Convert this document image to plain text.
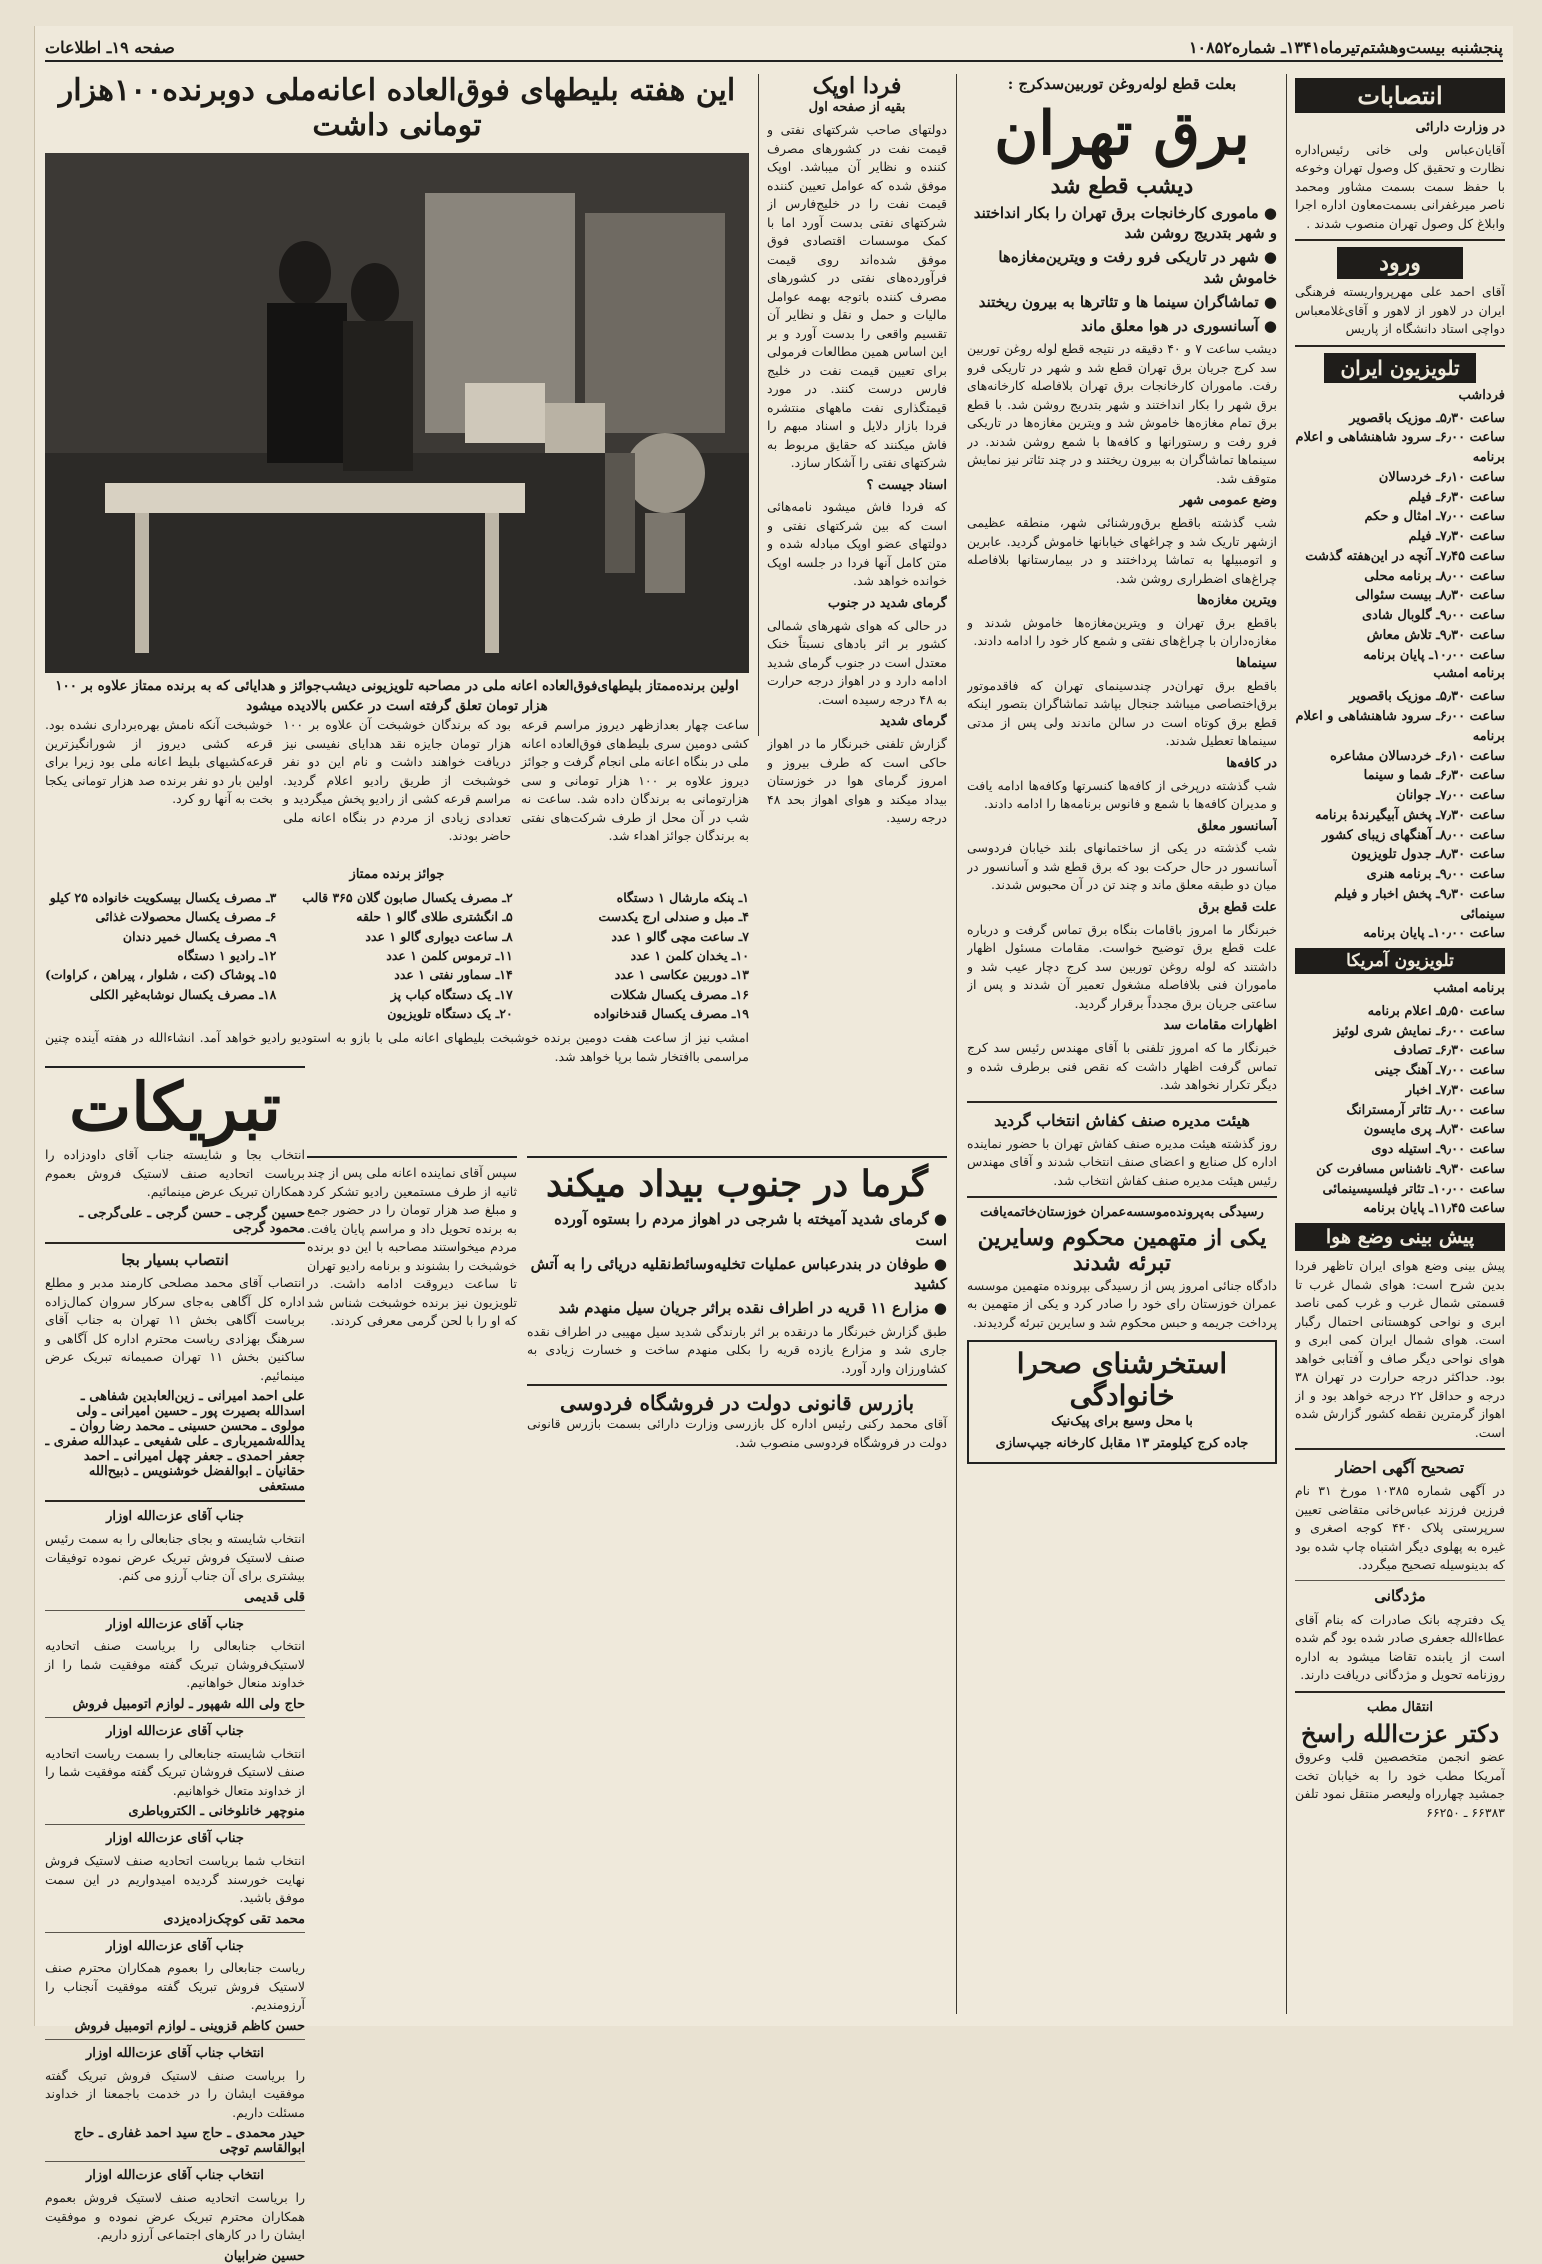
پنجشنبه بیست‌وهشتم‌تیرماه۱۳۴۱ـ شماره۱۰۸۵۲
صفحه ۱۹ـ اطلاعات
انتصابات
در وزارت دارائی

آقایان‌عباس ولی خانی رئیس‌اداره نظارت و تحقیق کل وصول تهران وخوعه با حفظ سمت بسمت مشاور ومحمد ناصر میرغفرانی بسمت‌معاون اداره اجرا وابلاغ کل وصول تهران منصوب شدند .

ورود

آقای احمد علی مهرپرواریسته فرهنگی ایران در لاهور از لاهور و آقای‌غلامعباس دواچی استاد دانشگاه از پاریس

تلویزیون ایران
فرداشب
ساعت ۵٫۳۰ـ موزیک باقصویر
ساعت ۶٫۰۰ـ سرود شاهنشاهی و اعلام برنامه
ساعت ۶٫۱۰ـ خردسالان
ساعت ۶٫۳۰ـ فیلم
ساعت ۷٫۰۰ـ امثال و حکم
ساعت ۷٫۳۰ـ فیلم
ساعت ۷٫۴۵ـ آنچه در این‌هفته گذشت
ساعت ۸٫۰۰ـ برنامه محلی
ساعت ۸٫۳۰ـ بیست سئوالی
ساعت ۹٫۰۰ـ گلوبال شادی
ساعت ۹٫۳۰ـ تلاش معاش
ساعت ۱۰٫۰۰ـ پایان برنامه
برنامه امشب
ساعت ۵٫۳۰ـ موزیک باقصویر
ساعت ۶٫۰۰ـ سرود شاهنشاهی و اعلام برنامه
ساعت ۶٫۱۰ـ خردسالان مشاعره
ساعت ۶٫۳۰ـ شما و سینما
ساعت ۷٫۰۰ـ جوانان
ساعت ۷٫۳۰ـ پخش آبیگیرندهٔ برنامه
ساعت ۸٫۰۰ـ آهنگهای زیبای کشور
ساعت ۸٫۳۰ـ جدول تلویزیون
ساعت ۹٫۰۰ـ برنامه هنری
ساعت ۹٫۳۰ـ پخش اخبار و فیلم سینمائی
ساعت ۱۰٫۰۰ـ پایان برنامه
تلویزیون آمریکا
برنامه امشب
ساعت ۵٫۵۰ـ اعلام برنامه
ساعت ۶٫۰۰ـ نمایش شری لوئیز
ساعت ۶٫۳۰ـ تصادف
ساعت ۷٫۰۰ـ آهنگ جینی
ساعت ۷٫۳۰ـ اخبار
ساعت ۸٫۰۰ـ تئاتر آرمسترانگ
ساعت ۸٫۳۰ـ پری مایسون
ساعت ۹٫۰۰ـ استیله دوی
ساعت ۹٫۳۰ـ ناشناس مسافرت کن
ساعت ۱۰٫۰۰ـ تئاتر فیلسیسینمائی
ساعت ۱۱٫۴۵ـ پایان برنامه
پیش بینی وضع هوا

پیش بینی وضع هوای ایران تاظهر فردا بدین شرح است: هوای شمال غرب تا قسمتی شمال غرب و غرب کمی ناصد ابری و نواحی کوهستانی احتمال رگبار است. هوای شمال ایران کمی ابری و هوای نواحی دیگر صاف و آفتابی خواهد بود. حداکثر درجه حرارت در تهران ۳۸ درجه و حداقل ۲۲ درجه خواهد بود و از اهواز گرمترین نقطه کشور گزارش شده است.

تصحیح آگهی احضار

در آگهی شماره ۱۰۳۸۵ مورخ ۳۱ نام فرزین فرزند عباس‌خانی متقاضی تعیین سرپرستی پلاک ۴۴۰ کوجه اصغری و غیره به پهلوی دیگر اشتباه چاپ شده بود که بدینوسیله تصحیح میگردد.

مژدگانی

یک دفترچه بانک صادرات که بنام آقای عطاءالله جعفری صادر شده بود گم شده است از یابنده تقاضا میشود به اداره روزنامه تحویل و مژدگانی دریافت دارند.

انتقال مطب
دکتر عزت‌الله راسخ

عضو انجمن متخصصین قلب وعروق آمریکا مطب خود را به خیابان تخت جمشید چهارراه ولیعصر منتقل نمود تلفن ۶۶۳۸۳ ـ ۶۶۲۵۰

بعلت قطع لوله‌روغن توربین‌سدکرج :
برق تهران
دیشب قطع شد
● ماموری کارخانجات برق تهران را بکار انداختند و شهر بتدریج روشن شد
● شهر در تاریکی فرو رفت و ویترین‌مغازه‌ها خاموش شد
● تماشاگران سینما ها و تئاترها به بیرون ریختند
● آسانسوری در هوا معلق ماند

دیشب ساعت ۷ و ۴۰ دقیقه در نتیجه قطع لوله روغن توربین سد کرج جریان برق تهران قطع شد و شهر در تاریکی فرو رفت. ماموران کارخانجات برق تهران بلافاصله کارخانه‌های برق شهر را بکار انداختند و شهر بتدریج روشن شد. با قطع برق تمام مغازه‌ها خاموش شد و ویترین مغازه‌ها در تاریکی فرو رفت و رستورانها و کافه‌ها با شمع روشن شدند. در سینماها تماشاگران به بیرون ریختند و در چند تئاتر نیز نمایش متوقف شد.

وضع عمومی شهر

شب گذشته باقطع برق‌ورشنائی شهر، منطقه عظیمی ازشهر تاریک شد و چراغهای خیابانها خاموش گردید. عابرین و اتومبیلها به تماشا پرداختند و در بیمارستانها بلافاصله چراغ‌های اضطراری روشن شد.

ویترین مغازه‌ها

باقطع برق تهران و ویترین‌مغازه‌ها خاموش شدند و مغازه‌داران با چراغ‌های نفتی و شمع کار خود را ادامه دادند.

سینماها

باقطع برق تهران‌در چندسینمای تهران که فاقدموتور برق‌اختصاصی میباشد جنجال بپاشد تماشاگران بتصور اینکه قطع برق کوتاه است در سالن ماندند ولی پس از مدتی سینماها تعطیل شدند.

در کافه‌ها

شب گذشته درپرخی از کافه‌ها کنسرتها وکافه‌ها ادامه یافت و مدیران کافه‌ها با شمع و فانوس برنامه‌ها را ادامه دادند.

آسانسور معلق

شب گذشته در یکی از ساختمانهای بلند خیابان فردوسی آسانسور در حال حرکت بود که برق قطع شد و آسانسور در میان دو طبقه معلق ماند و چند تن در آن محبوس شدند.

علت قطع برق

خبرنگار ما امروز باقامات بنگاه برق تماس گرفت و درباره علت قطع برق توضیح خواست. مقامات مسئول اظهار داشتند که لوله روغن توربین سد کرج دچار عیب شد و ماموران فنی بلافاصله مشغول تعمیر آن شدند و پس از ساعتی جریان برق مجدداً برقرار گردید.

اظهارات مقامات سد

خبرنگار ما که امروز تلفنی با آقای مهندس رئیس سد کرج تماس گرفت اظهار داشت که نقص فنی برطرف شده و دیگر تکرار نخواهد شد.

هیئت مدیره صنف کفاش انتخاب گردید

روز گذشته هیئت مدیره صنف کفاش تهران با حضور نماینده اداره کل صنایع و اعضای صنف انتخاب شدند و آقای مهندس رئیس هیئت مدیره صنف کفاش انتخاب شد.

رسیدگی به‌پرونده‌موسسه‌عمران خوزستان‌خاتمه‌یافت
یکی از متهمین محکوم وسایرین تبرئه شدند

دادگاه جنائی امروز پس از رسیدگی بپرونده متهمین موسسه عمران خوزستان رای خود را صادر کرد و یکی از متهمین به پرداخت جریمه و حبس محکوم شد و سایرین تبرئه گردیدند.

استخرشنای صحرا خانوادگی
با محل وسیع برای پیک‌نیک
جاده کرج کیلومتر ۱۳ مقابل کارخانه جیپ‌سازی
فردا اوپک
بقیه از صفحه اول

دولتهای صاحب شرکتهای نفتی و قیمت نفت در کشورهای مصرف کننده و نظایر آن میباشد. اوپک موفق شده که عوامل تعیین کننده قیمت نفت را در خلیج‌فارس از شرکتهای نفتی بدست آورد اما با کمک موسسات اقتصادی فوق موفق شده‌اند روی قیمت فرآورده‌های نفتی در کشورهای مصرف کننده باتوجه بهمه عوامل مالیات و حمل و نقل و نظایر آن تقسیم واقعی را بدست آورد و بر این اساس همین مطالعات فرمولی برای تعیین قیمت نفت در خلیج فارس درست کنند. در مورد قیمتگذاری نفت ماههای منتشره فردا بازار دلایل و اسناد مبهم را فاش میکنند که حقایق مربوط به شرکتهای نفتی را آشکار سازد.

اسناد جیست ؟

که فردا فاش میشود نامه‌هائی است که بین شرکتهای نفتی و دولتهای عضو اوپک مبادله شده و متن کامل آنها فردا در جلسه اوپک خوانده خواهد شد.

گرمای شدید در جنوب

در حالی که هوای شهرهای شمالی کشور بر اثر بادهای نسبتاً خنک معتدل است در جنوب گرمای شدید ادامه دارد و در اهواز درجه حرارت به ۴۸ درجه رسیده است.

گرمای شدید

گزارش تلفنی خبرنگار ما در اهواز حاکی است که طرف بیروز و امروز گرمای هوا در خوزستان بیداد میکند و هوای اهواز بحد ۴۸ درجه رسید.

این هفته بلیطهای فوق‌العاده اعانه‌ملی دوبرنده۱۰۰هزار تومانی داشت
اولین برنده‌ممتاز بلیطهای‌فوق‌العاده اعانه ملی در مصاحبه تلویزیونی دیشب‌جوائز و هدایائی که به برنده ممتاز علاوه بر ۱۰۰ هزار تومان تعلق گرفته است در عکس بالادیده میشود

ساعت چهار بعدازظهر دیروز مراسم قرعه کشی دومین سری بلیط‌های فوق‌العاده اعانه ملی در بنگاه اعانه ملی انجام گرفت و جوائز دیروز علاوه بر ۱۰۰ هزار تومانی و سی هزارتومانی به برندگان داده شد. ساعت نه شب در آن محل از طرف شرکت‌های نفتی به برندگان جوائز اهداء شد.

بود که برندگان خوشبخت آن علاوه بر ۱۰۰ هزار تومان جایزه نقد هدایای نفیسی نیز دریافت خواهند داشت و نام این دو نفر خوشبخت از طریق رادیو اعلام گردید. مراسم قرعه کشی از رادیو پخش میگردید و تعدادی زیادی از مردم در بنگاه اعانه ملی حاضر بودند.

خوشبخت آنکه نامش بهره‌برداری نشده بود. قرعه کشی دیروز از شورانگیزترین قرعه‌کشیهای بلیط اعانه ملی بود زیرا برای اولین بار دو نفر برنده صد هزار تومانی یکجا بخت به آنها رو کرد.

جوائز برنده ممتاز
۱ـ پنکه مارشال ۱ دستگاه
۲ـ مصرف یکسال صابون گلان ۳۶۵ قالب
۳ـ مصرف یکسال بیسکویت خانواده ۲۵ کیلو
۴ـ مبل و صندلی ارج یکدست
۵ـ انگشتری طلای گالو ۱ حلقه
۶ـ مصرف یکسال محصولات غذائی
۷ـ ساعت مچی گالو ۱ عدد
۸ـ ساعت دیواری گالو ۱ عدد
۹ـ مصرف یکسال خمیر دندان
۱۰ـ یخدان کلمن ۱ عدد
۱۱ـ ترموس کلمن ۱ عدد
۱۲ـ رادیو ۱ دستگاه
۱۳ـ دوربین عکاسی ۱ عدد
۱۴ـ سماور نفتی ۱ عدد
۱۵ـ پوشاک (کت ، شلوار ، پیراهن ، کراوات)
۱۶ـ مصرف یکسال شکلات
۱۷ـ یک دستگاه کباب پز
۱۸ـ مصرف یکسال نوشابه‌غیر الکلی
۱۹ـ مصرف یکسال قندخانواده
۲۰ـ یک دستگاه تلویزیون

امشب نیز از ساعت هفت دومین برنده خوشبخت بلیطهای اعانه ملی با بازو به استودیو رادیو خواهد آمد. انشاءالله در هفته آینده چنین مراسمی باافتخار شما برپا خواهد شد.

گرما در جنوب بیداد میکند
● گرمای شدید آمیخته با شرجی در اهواز مردم را بستوه آورده است
● طوفان در بندرعباس عملیات تخلیه‌وسائط‌نقلیه دریائی را به آتش کشید
● مزارع ۱۱ قریه در اطراف نقده براثر جریان سیل منهدم شد

طبق گزارش خبرنگار ما درنقده بر اثر بارندگی شدید سیل مهیبی در اطراف نقده جاری شد و مزارع یازده قریه را بکلی منهدم ساخت و خسارت زیادی به کشاورزان وارد آورد.

بازرس قانونی دولت در فروشگاه فردوسی

آقای محمد رکنی رئیس اداره کل بازرسی وزارت دارائی بسمت بازرس قانونی دولت در فروشگاه فردوسی منصوب شد.

سپس آقای نماینده اعانه ملی پس از چند ثانیه از طرف مستمعین رادیو تشکر کرد و مبلغ صد هزار تومان را در حضور جمع به برنده تحویل داد و مراسم پایان یافت. مردم میخواستند مصاحبه با این دو برنده خوشبخت را بشنوند و برنامه رادیو تهران تا ساعت دیروقت ادامه داشت. در تلویزیون نیز برنده خوشبخت شناس شد که او را با لحن گرمی معرفی کردند.

تبریکات

انتخاب بجا و شایسته جناب آقای داودزاده را بریاست اتحادیه صنف لاستیک فروش بعموم همکاران تبریک عرض مینمائیم.

حسین گرجی ـ حسن گرجی ـ علی‌گرجی ـ محمود گرجی
انتصاب بسیار بجا

انتصاب آقای محمد مصلحی کارمند مدبر و مطلع اداره کل آگاهی به‌جای سرکار سروان کمال‌زاده بریاست آگاهی بخش ۱۱ تهران به جناب آقای سرهنگ بهزادی ریاست محترم اداره کل آگاهی و ساکنین بخش ۱۱ تهران صمیمانه تبریک عرض مینمائیم.

علی احمد امیرانی ـ زین‌العابدین شفاهی ـ اسدالله بصیرت پور ـ حسین امیرانی ـ ولی مولوی ـ محسن حسینی ـ محمد رضا روان ـ یدالله‌شمیرباری ـ علی شفیعی ـ عبدالله صفری ـ جعفر احمدی ـ جعفر چهل امیرانی ـ احمد حقانیان ـ ابوالفضل خوشنویس ـ ذبیح‌الله مستعفی
جناب آقای عزت‌الله اوزار

انتخاب شایسته و بجای جنابعالی را به سمت رئیس صنف لاستیک فروش تبریک عرض نموده توفیقات بیشتری برای آن جناب آرزو می کنم.

قلی قدیمی
جناب آقای عزت‌الله اوزار

انتخاب جنابعالی را بریاست صنف اتحادیه لاستیک‌فروشان تبریک گفته موفقیت شما را از خداوند منعال خواهانیم.

حاج ولی الله شهپور ـ لوازم اتومبیل فروش
جناب آقای عزت‌الله اوزار

انتخاب شایسته جنابعالی را بسمت ریاست اتحادیه صنف لاستیک فروشان تبریک گفته موفقیت شما را از خداوند متعال خواهانیم.

منوچهر خانلوخانی ـ الکتروباطری
جناب آقای عزت‌الله اوزار

انتخاب شما بریاست اتحادیه صنف لاستیک فروش نهایت خورسند گردیده امیدواریم در این سمت موفق باشید.

محمد تقی کوچک‌زاده‌یزدی
جناب آقای عزت‌الله اوزار

ریاست جنابعالی را بعموم همکاران محترم صنف لاستیک فروش تبریک گفته موفقیت آنجناب را آرزومندیم.

حسن کاظم قزوینی ـ لوازم اتومبیل فروش
انتخاب جناب آقای عزت‌الله اوزار

را بریاست صنف لاستیک فروش تبریک گفته موفقیت ایشان را در خدمت باجمعنا از خداوند مسئلت داریم.

حیدر محمدی ـ حاج سید احمد غفاری ـ حاج ابوالقاسم توچی
انتخاب جناب آقای عزت‌الله اوزار

را بریاست اتحادیه صنف لاستیک فروش بعموم همکاران محترم تبریک عرض نموده و موفقیت ایشان را در کارهای اجتماعی آرزو داریم.

حسین ضرابیان
